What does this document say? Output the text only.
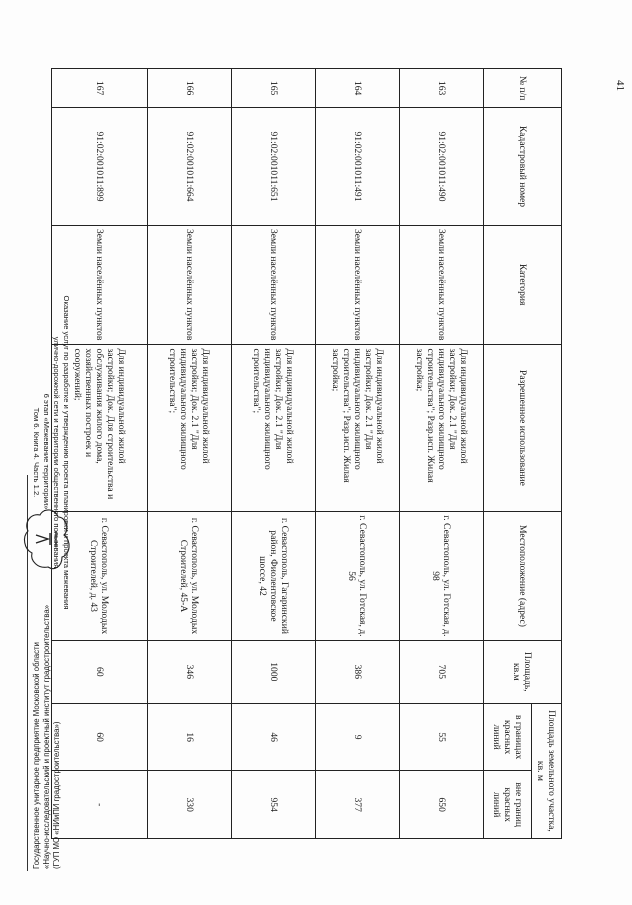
41
№ п/п	Кадастровый номер	Категория	Разрешенное использование	Местоположение (адрес)	Площадь, кв.м	Площадь земельного участка, кв. м	
						в границах красных линий	вне границ красных линий
163	91:02:001011:490	Земли населённых пунктов	Для индивидуальной жилой застройки; Док. 2.1 "Для индивидуального жилищного строительства"; Разр.исп. Жилая застройка;	г. Севастополь, ул. Готская, д. 98	705	55	650
164	91:02:001011:491	Земли населённых пунктов	Для индивидуальной жилой застройки; Док. 2.1 "Для индивидуального жилищного строительства"; Разр.исп. Жилая застройка;	г. Севастополь, ул. Готская, д. 56	386	9	377
165	91:02:001011:651	Земли населённых пунктов	Для индивидуальной жилой застройки; Док. 2.1 "Для индивидуального жилищного строительства";	г. Севастополь, Гагаринский район, Фиолентовское шоссе, 42	1000	46	954
166	91:02:001011:664	Земли населённых пунктов	Для индивидуальной жилой застройки; Док. 2.1 "Для индивидуального жилищного строительства";	г. Севастополь, ул. Молодых Строителей, 45-А	346	16	330
167	91:02:001011:899	Земли населённых пунктов	Для индивидуальной жилой застройки; Док. Для строительства и обслуживания жилого дома, хозяйственных построек и сооружений;	г. Севастополь, ул. Молодых Строителей, д. 43	60	60	-
Оказание услуг по разработке и утверждению проекта планировки и проекта межевания
улично-дорожной сети и территории общественного пользования
6 этап «Межевание территории».
Том 6. Книга 4. Часть 1.2.
Государственное унитарное предприятие Московской области «Научно-исследовательский и проектный институт градостроительства» (ГУП МО «НИиПИ градостроительства»)
